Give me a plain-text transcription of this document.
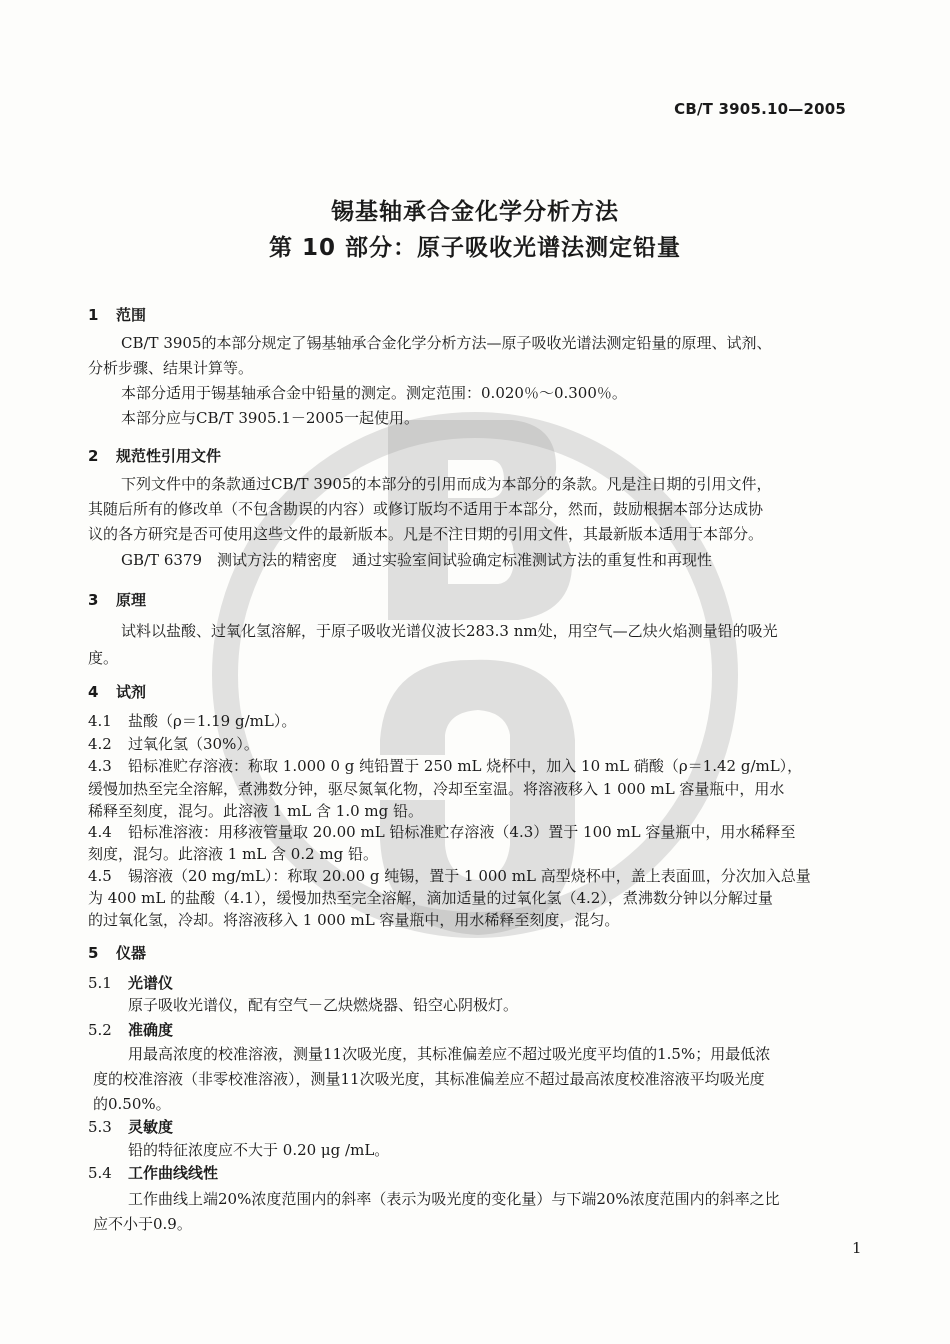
CB/T 3905.10—2005
锡基轴承合金化学分析方法
第 10 部分：原子吸收光谱法测定铅量
1 范围
CB/T 3905的本部分规定了锡基轴承合金化学分析方法—原子吸收光谱法测定铅量的原理、试剂、
分析步骤、结果计算等。
本部分适用于锡基轴承合金中铅量的测定。测定范围：0.020％～0.300％。
本部分应与CB/T 3905.1－2005一起使用。
2 规范性引用文件
下列文件中的条款通过CB/T 3905的本部分的引用而成为本部分的条款。凡是注日期的引用文件，
其随后所有的修改单（不包含勘误的内容）或修订版均不适用于本部分，然而，鼓励根据本部分达成协
议的各方研究是否可使用这些文件的最新版本。凡是不注日期的引用文件，其最新版本适用于本部分。
GB/T 6379　测试方法的精密度　通过实验室间试验确定标准测试方法的重复性和再现性
3 原理
试料以盐酸、过氧化氢溶解，于原子吸收光谱仪波长283.3 nm处，用空气—乙炔火焰测量铅的吸光
度。
4 试剂
4.1 盐酸（ρ＝1.19 g/mL）。
4.2 过氧化氢（30%）。
4.3 铅标准贮存溶液：称取 1.000 0 g 纯铅置于 250 mL 烧杯中，加入 10 mL 硝酸（ρ＝1.42 g/mL），
缓慢加热至完全溶解，煮沸数分钟，驱尽氮氧化物，冷却至室温。将溶液移入 1 000 mL 容量瓶中，用水
稀释至刻度，混匀。此溶液 1 mL 含 1.0 mg 铅。
4.4 铅标准溶液：用移液管量取 20.00 mL 铅标准贮存溶液（4.3）置于 100 mL 容量瓶中，用水稀释至
刻度，混匀。此溶液 1 mL 含 0.2 mg 铅。
4.5 锡溶液（20 mg/mL）：称取 20.00 g 纯锡，置于 1 000 mL 高型烧杯中，盖上表面皿，分次加入总量
为 400 mL 的盐酸（4.1），缓慢加热至完全溶解，滴加适量的过氧化氢（4.2），煮沸数分钟以分解过量
的过氧化氢，冷却。将溶液移入 1 000 mL 容量瓶中，用水稀释至刻度，混匀。
5 仪器
5.1 光谱仪
原子吸收光谱仪，配有空气－乙炔燃烧器、铅空心阴极灯。
5.2 准确度
用最高浓度的校准溶液，测量11次吸光度，其标准偏差应不超过吸光度平均值的1.5%；用最低浓
度的校准溶液（非零校准溶液），测量11次吸光度，其标准偏差应不超过最高浓度校准溶液平均吸光度
的0.50%。
5.3 灵敏度
铅的特征浓度应不大于 0.20 μg /mL。
5.4 工作曲线线性
工作曲线上端20%浓度范围内的斜率（表示为吸光度的变化量）与下端20%浓度范围内的斜率之比
应不小于0.9。
1
